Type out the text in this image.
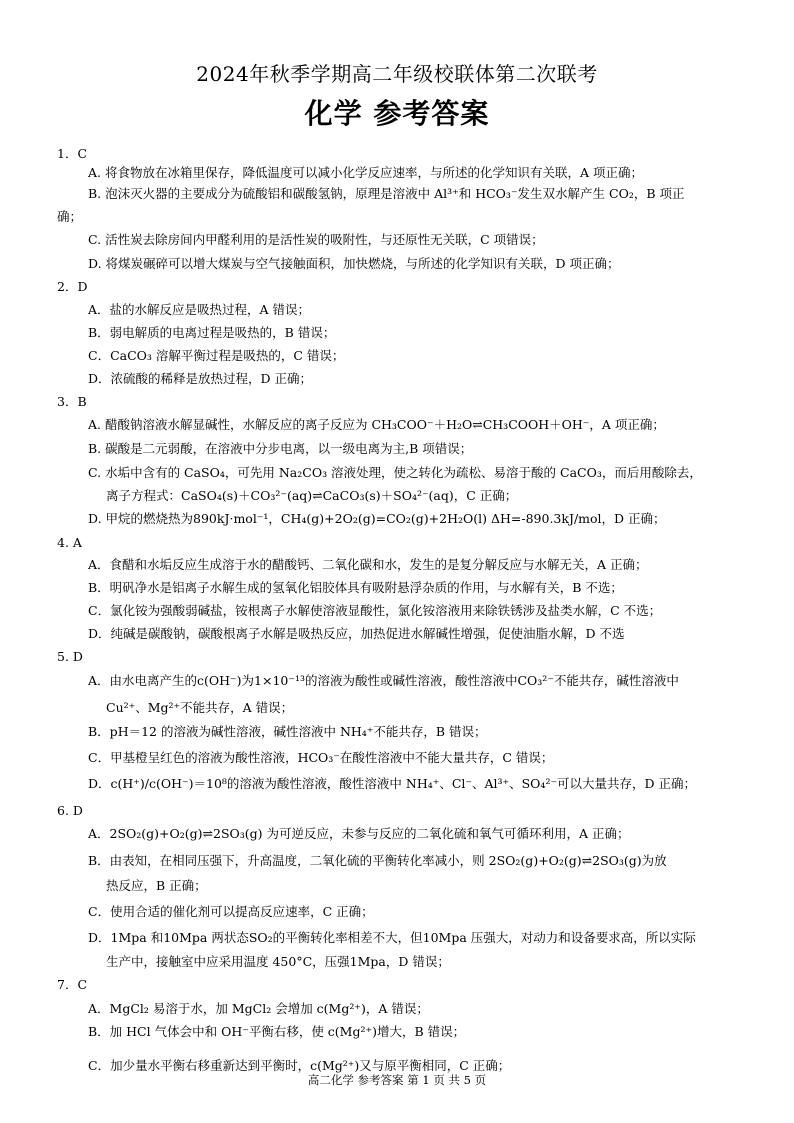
2024年秋季学期高二年级校联体第二次联考
化学 参考答案
1．C
A. 将食物放在冰箱里保存，降低温度可以减小化学反应速率，与所述的化学知识有关联，A 项正确；
B. 泡沫灭火器的主要成分为硫酸铝和碳酸氢钠，原理是溶液中 Al³⁺和 HCO₃⁻发生双水解产生 CO₂，B 项正
确；
C. 活性炭去除房间内甲醛利用的是活性炭的吸附性，与还原性无关联，C 项错误；
D. 将煤炭碾碎可以增大煤炭与空气接触面积，加快燃烧，与所述的化学知识有关联，D 项正确；
2．D
A．盐的水解反应是吸热过程，A 错误；
B．弱电解质的电离过程是吸热的，B 错误；
C．CaCO₃ 溶解平衡过程是吸热的，C 错误；
D．浓硫酸的稀释是放热过程，D 正确；
3．B
A. 醋酸钠溶液水解显碱性，水解反应的离子反应为 CH₃COO⁻＋H₂O⇌CH₃COOH＋OH⁻，A 项正确；
B. 碳酸是二元弱酸，在溶液中分步电离，以一级电离为主,B 项错误；
C. 水垢中含有的 CaSO₄，可先用 Na₂CO₃ 溶液处理，使之转化为疏松、易溶于酸的 CaCO₃，而后用酸除去，
离子方程式：CaSO₄(s)＋CO₃²⁻(aq)⇌CaCO₃(s)＋SO₄²⁻(aq)，C 正确；
D. 甲烷的燃烧热为890kJ·mol⁻¹，CH₄(g)+2O₂(g)=CO₂(g)+2H₂O(l) ΔH=-890.3kJ/mol，D 正确；
4. A
A．食醋和水垢反应生成溶于水的醋酸钙、二氧化碳和水，发生的是复分解反应与水解无关，A 正确；
B．明矾净水是铝离子水解生成的氢氧化铝胶体具有吸附悬浮杂质的作用，与水解有关，B 不选；
C．氯化铵为强酸弱碱盐，铵根离子水解使溶液显酸性，氯化铵溶液用来除铁锈涉及盐类水解，C 不选；
D．纯碱是碳酸钠，碳酸根离子水解是吸热反应，加热促进水解碱性增强，促使油脂水解，D 不选
5. D
A．由水电离产生的c(OH⁻)为1×10⁻¹³的溶液为酸性或碱性溶液，酸性溶液中CO₃²⁻不能共存，碱性溶液中
Cu²⁺、Mg²⁺不能共存，A 错误；
B．pH＝12 的溶液为碱性溶液，碱性溶液中 NH₄⁺不能共存，B 错误；
C．甲基橙呈红色的溶液为酸性溶液，HCO₃⁻在酸性溶液中不能大量共存，C 错误；
D．c(H⁺)/c(OH⁻)＝10⁸的溶液为酸性溶液，酸性溶液中 NH₄⁺、Cl⁻、Al³⁺、SO₄²⁻可以大量共存，D 正确；
6. D
A．2SO₂(g)+O₂(g)⇌2SO₃(g) 为可逆反应，未参与反应的二氧化硫和氧气可循环利用，A 正确；
B．由表知，在相同压强下，升高温度，二氧化硫的平衡转化率减小，则 2SO₂(g)+O₂(g)⇌2SO₃(g)为放
热反应，B 正确；
C．使用合适的催化剂可以提高反应速率，C 正确；
D．1Mpa 和10Mpa 两状态SO₂的平衡转化率相差不大，但10Mpa 压强大，对动力和设备要求高，所以实际
生产中，接触室中应采用温度 450°C，压强1Mpa，D 错误；
7．C
A．MgCl₂ 易溶于水，加 MgCl₂ 会增加 c(Mg²⁺)，A 错误；
B．加 HCl 气体会中和 OH⁻平衡右移，使 c(Mg²⁺)增大，B 错误；
C．加少量水平衡右移重新达到平衡时，c(Mg²⁺)又与原平衡相同，C 正确；
高二化学 参考答案 第 1 页 共 5 页
